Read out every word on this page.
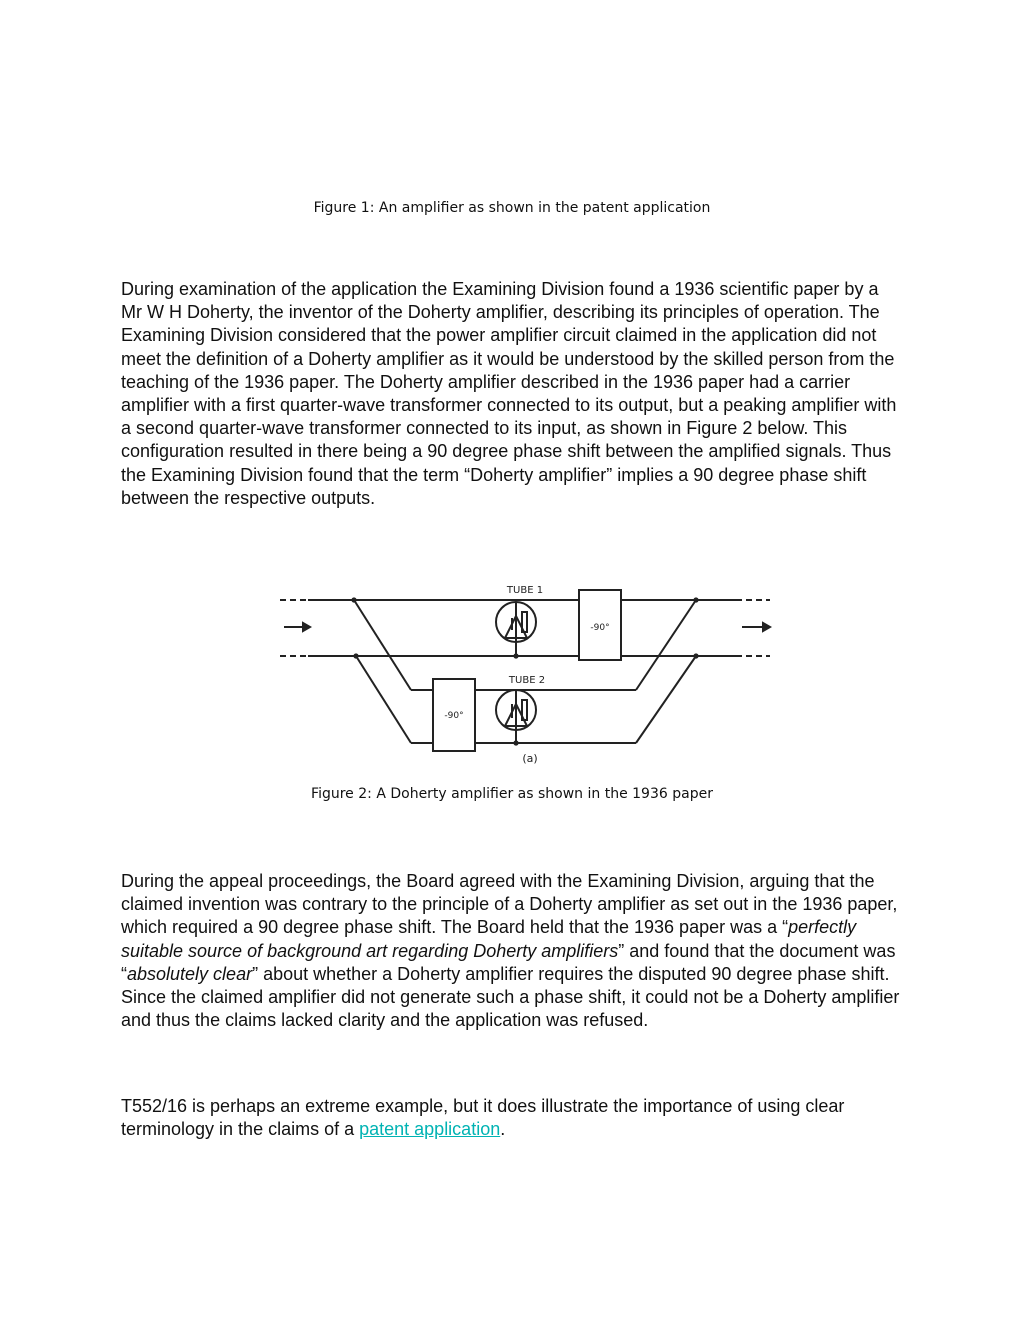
Figure 1: An amplifier as shown in the patent application

During examination of the application the Examining Division found a 1936 scientific paper by a Mr W H Doherty, the inventor of the Doherty amplifier, describing its principles of operation. The Examining Division considered that the power amplifier circuit claimed in the application did not meet the definition of a Doherty amplifier as it would be understood by the skilled person from the teaching of the 1936 paper. The Doherty amplifier described in the 1936 paper had a carrier amplifier with a first quarter-wave transformer connected to its output, but a peaking amplifier with a second quarter-wave transformer connected to its input, as shown in Figure 2 below. This configuration resulted in there being a 90 degree phase shift between the amplified signals. Thus the Examining Division found that the term “Doherty amplifier” implies a 90 degree phase shift between the respective outputs.

TUBE 1
TUBE 2
-90°
-90°
(a)
Figure 2: A Doherty amplifier as shown in the 1936 paper

During the appeal proceedings, the Board agreed with the Examining Division, arguing that the claimed invention was contrary to the principle of a Doherty amplifier as set out in the 1936 paper, which required a 90 degree phase shift. The Board held that the 1936 paper was a “perfectly suitable source of background art regarding Doherty amplifiers” and found that the document was “absolutely clear” about whether a Doherty amplifier requires the disputed 90 degree phase shift. Since the claimed amplifier did not generate such a phase shift, it could not be a Doherty amplifier and thus the claims lacked clarity and the application was refused.

T552/16 is perhaps an extreme example, but it does illustrate the importance of using clear terminology in the claims of a patent application.
